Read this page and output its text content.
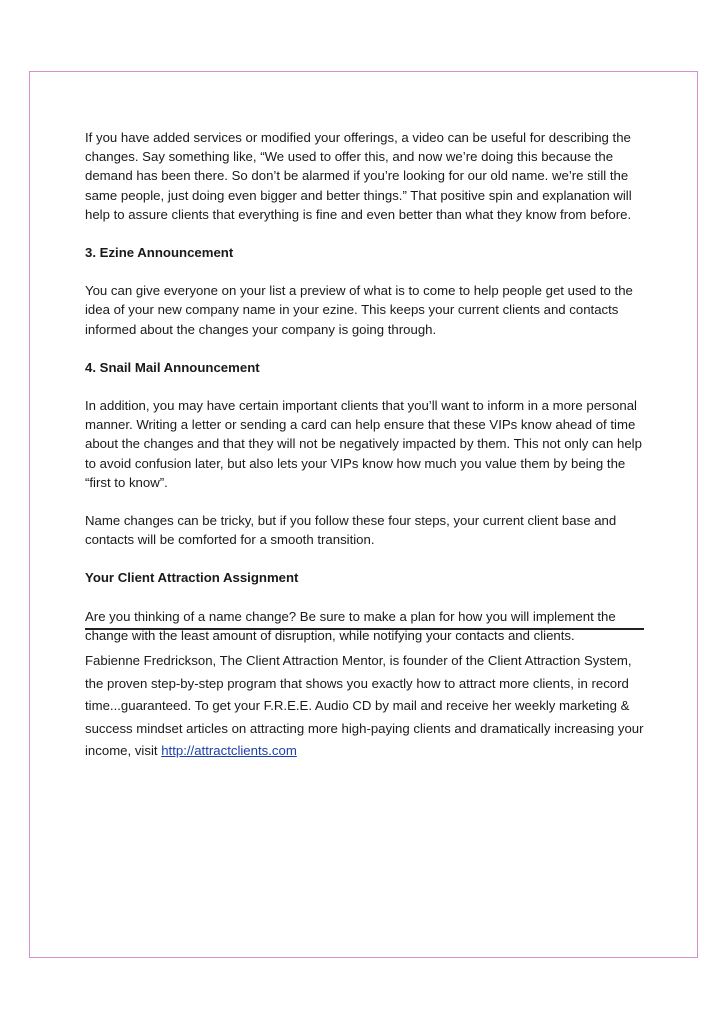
If you have added services or modified your offerings, a video can be useful for describing the changes. Say something like, “We used to offer this, and now we’re doing this because the demand has been there. So don’t be alarmed if you’re looking for our old name. we’re still the same people, just doing even bigger and better things.” That positive spin and explanation will help to assure clients that everything is fine and even better than what they know from before.

3. Ezine Announcement

You can give everyone on your list a preview of what is to come to help people get used to the idea of your new company name in your ezine. This keeps your current clients and contacts informed about the changes your company is going through.

4. Snail Mail Announcement

In addition, you may have certain important clients that you’ll want to inform in a more personal manner. Writing a letter or sending a card can help ensure that these VIPs know ahead of time about the changes and that they will not be negatively impacted by them. This not only can help to avoid confusion later, but also lets your VIPs know how much you value them by being the “first to know”.

Name changes can be tricky, but if you follow these four steps, your current client base and contacts will be comforted for a smooth transition.

Your Client Attraction Assignment

Are you thinking of a name change? Be sure to make a plan for how you will implement the change with the least amount of disruption, while notifying your contacts and clients.

Fabienne Fredrickson, The Client Attraction Mentor, is founder of the Client Attraction System, the proven step-by-step program that shows you exactly how to attract more clients, in record time...guaranteed. To get your F.R.E.E. Audio CD by mail and receive her weekly marketing & success mindset articles on attracting more high-paying clients and dramatically increasing your income, visit http://attractclients.com
